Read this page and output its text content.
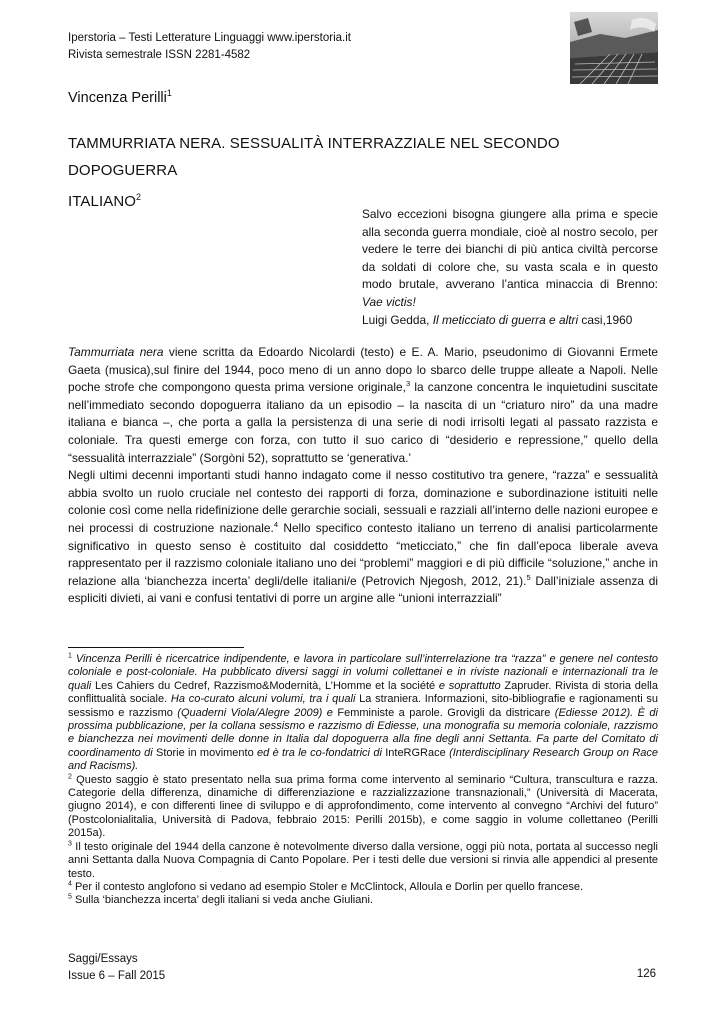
Iperstoria – Testi Letterature Linguaggi www.iperstoria.it
Rivista semestrale ISSN 2281-4582
Vincenza Perilli$^1$
TAMMURRIATA NERA. SESSUALITÀ INTERRAZZIALE NEL SECONDO DOPOGUERRA
ITALIANO$^2$

Salvo eccezioni bisogna giungere alla prima e specie alla seconda guerra mondiale, cioè al nostro secolo, per vedere le terre dei bianchi di più antica civiltà percorse da soldati di colore che, su vasta scala e in questo modo brutale, avverano l’antica minaccia di Brenno: Vae victis!

Luigi Gedda, Il meticciato di guerra e altri casi,1960

Tammurriata nera viene scritta da Edoardo Nicolardi (testo) e E. A. Mario, pseudonimo di Giovanni Ermete Gaeta (musica),sul finire del 1944, poco meno di un anno dopo lo sbarco delle truppe alleate a Napoli. Nelle poche strofe che compongono questa prima versione originale,$^3$ la canzone concentra le inquietudini suscitate nell’immediato secondo dopoguerra italiano da un episodio – la nascita di un “criaturo niro” da una madre italiana e bianca –, che porta a galla la persistenza di una serie di nodi irrisolti legati al passato razzista e coloniale. Tra questi emerge con forza, con tutto il suo carico di “desiderio e repressione,” quello della “sessualità interrazziale” (Sorgòni 52), soprattutto se ‘generativa.’

Negli ultimi decenni importanti studi hanno indagato come il nesso costitutivo tra genere, “razza” e sessualità abbia svolto un ruolo cruciale nel contesto dei rapporti di forza, dominazione e subordinazione istituiti nelle colonie così come nella ridefinizione delle gerarchie sociali, sessuali e razziali all’interno delle nazioni europee e nei processi di costruzione nazionale.$^4$ Nello specifico contesto italiano un terreno di analisi particolarmente significativo in questo senso è costituito dal cosiddetto “meticciato,” che fin dall’epoca liberale aveva rappresentato per il razzismo coloniale italiano uno dei “problemi” maggiori e di più difficile “soluzione,” anche in relazione alla ‘bianchezza incerta’ degli/delle italiani/e (Petrovich Njegosh, 2012, 21).$^5$ Dall’iniziale assenza di espliciti divieti, ai vani e confusi tentativi di porre un argine alle “unioni interrazziali”

$^1$ Vincenza Perilli è ricercatrice indipendente, e lavora in particolare sull’interrelazione tra “razza” e genere nel contesto coloniale e post-coloniale. Ha pubblicato diversi saggi in volumi collettanei e in riviste nazionali e internazionali tra le quali Les Cahiers du Cedref, Razzismo&Modernità, L’Homme et la société e soprattutto Zapruder. Rivista di storia della conflittualità sociale. Ha co-curato alcuni volumi, tra i quali La straniera. Informazioni, sito-bibliografie e ragionamenti su sessismo e razzismo (Quaderni Viola/Alegre 2009) e Femministe a parole. Grovigli da districare (Ediesse 2012). È di prossima pubblicazione, per la collana sessismo e razzismo di Ediesse, una monografia su memoria coloniale, razzismo e bianchezza nei movimenti delle donne in Italia dal dopoguerra alla fine degli anni Settanta. Fa parte del Comitato di coordinamento di Storie in movimento ed è tra le co-fondatrici di InteRGRace (Interdisciplinary Research Group on Race and Racisms).

$^2$ Questo saggio è stato presentato nella sua prima forma come intervento al seminario “Cultura, transcultura e razza. Categorie della differenza, dinamiche di differenziazione e razzializzazione transnazionali,” (Università di Macerata, giugno 2014), e con differenti linee di sviluppo e di approfondimento, come intervento al convegno “Archivi del futuro” (Postcolonialitalia, Università di Padova, febbraio 2015: Perilli 2015b), e come saggio in volume collettaneo (Perilli 2015a).

$^3$ Il testo originale del 1944 della canzone è notevolmente diverso dalla versione, oggi più nota, portata al successo negli anni Settanta dalla Nuova Compagnia di Canto Popolare. Per i testi delle due versioni si rinvia alle appendici al presente testo.

$^4$ Per il contesto anglofono si vedano ad esempio Stoler e McClintock, Alloula e Dorlin per quello francese.

$^5$ Sulla ‘bianchezza incerta’ degli italiani si veda anche Giuliani.

Saggi/Essays
Issue 6 – Fall 2015	126
